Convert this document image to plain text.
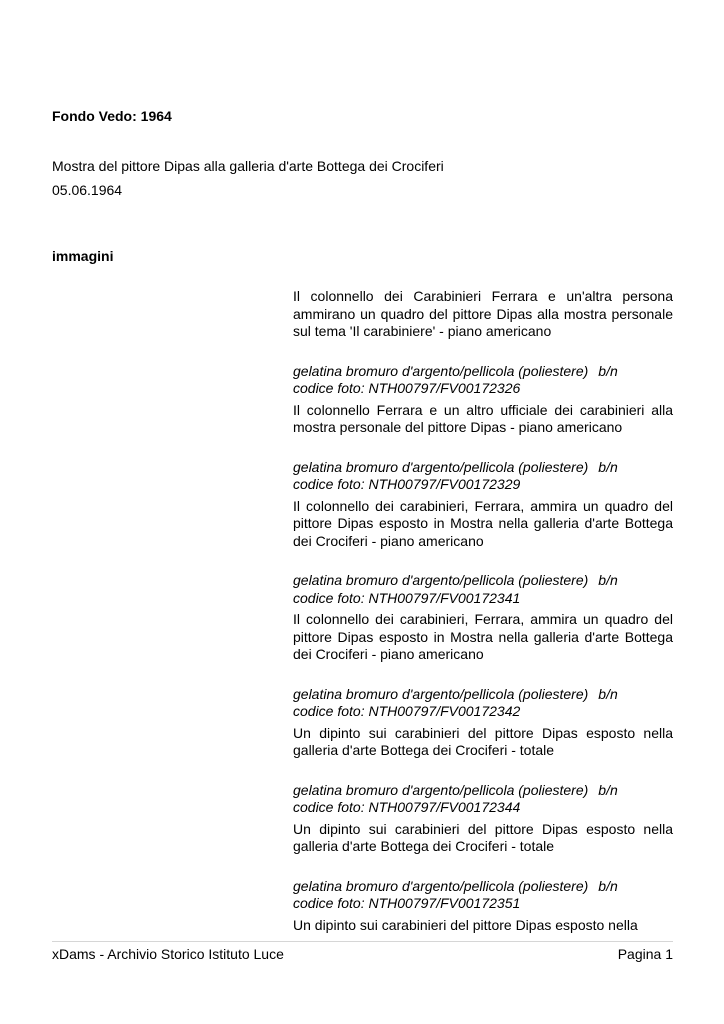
Fondo Vedo: 1964
Mostra del pittore Dipas alla galleria d'arte Bottega dei Crociferi
05.06.1964
immagini
Il colonnello dei Carabinieri Ferrara e un'altra persona ammirano un quadro del pittore Dipas alla mostra personale sul tema 'Il carabiniere' - piano americano
gelatina bromuro d'argento/pellicola (poliestere) b/n
codice foto: NTH00797/FV00172326
Il colonnello Ferrara e un altro ufficiale dei carabinieri alla mostra personale del pittore Dipas - piano americano
gelatina bromuro d'argento/pellicola (poliestere) b/n
codice foto: NTH00797/FV00172329
Il colonnello dei carabinieri, Ferrara, ammira un quadro del pittore Dipas esposto in Mostra nella galleria d'arte Bottega dei Crociferi - piano americano
gelatina bromuro d'argento/pellicola (poliestere) b/n
codice foto: NTH00797/FV00172341
Il colonnello dei carabinieri, Ferrara, ammira un quadro del pittore Dipas esposto in Mostra nella galleria d'arte Bottega dei Crociferi - piano americano
gelatina bromuro d'argento/pellicola (poliestere) b/n
codice foto: NTH00797/FV00172342
Un dipinto sui carabinieri del pittore Dipas esposto nella galleria d'arte Bottega dei Crociferi - totale
gelatina bromuro d'argento/pellicola (poliestere) b/n
codice foto: NTH00797/FV00172344
Un dipinto sui carabinieri del pittore Dipas esposto nella galleria d'arte Bottega dei Crociferi - totale
gelatina bromuro d'argento/pellicola (poliestere) b/n
codice foto: NTH00797/FV00172351
Un dipinto sui carabinieri del pittore Dipas esposto nella
xDams - Archivio Storico Istituto Luce	Pagina 1
